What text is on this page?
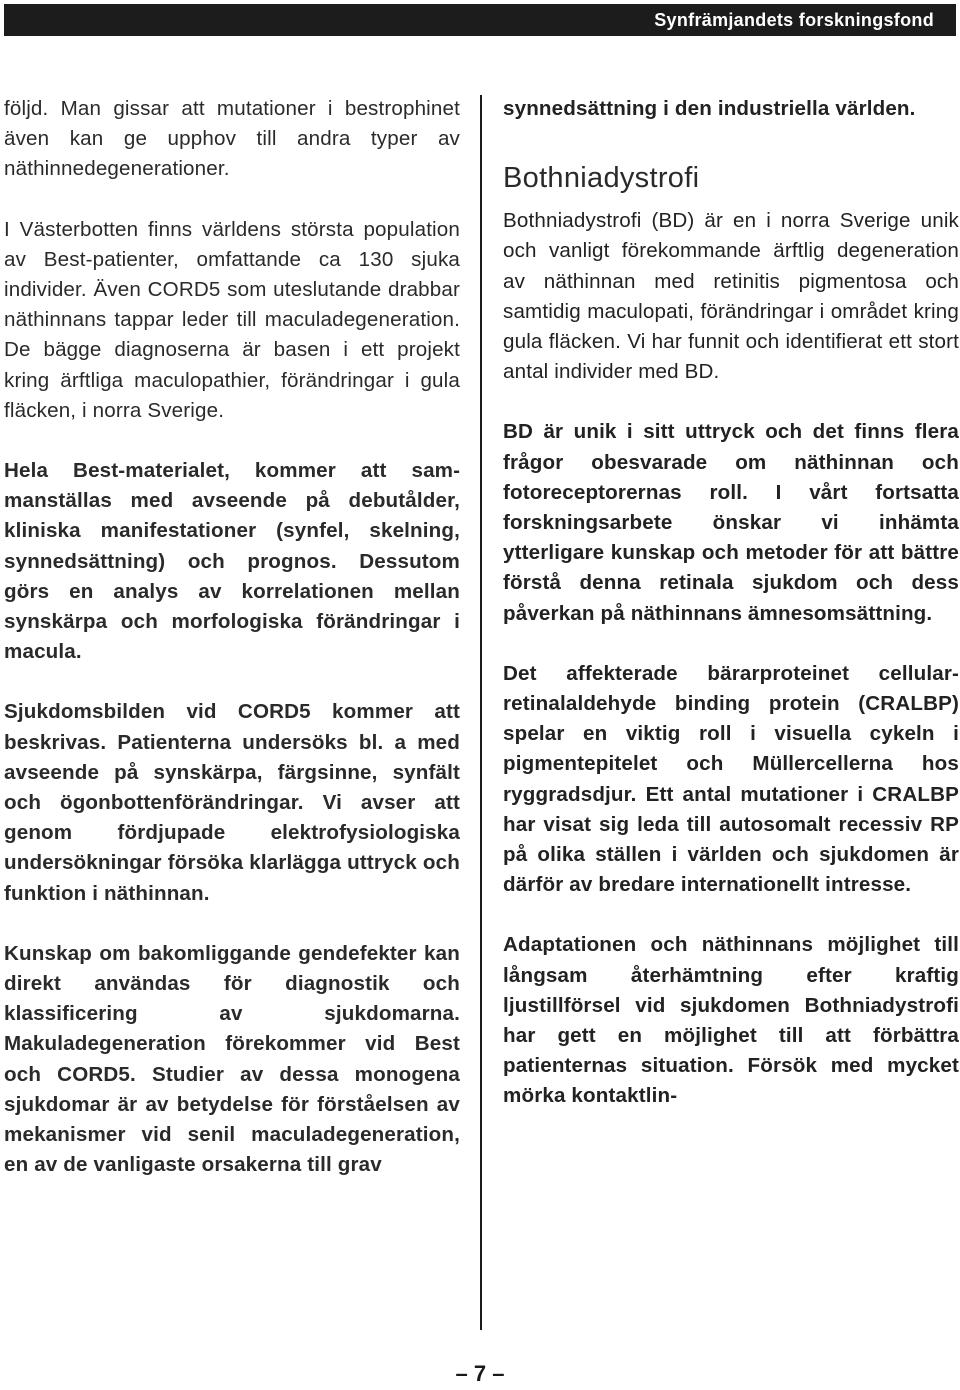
Synfrämjandets forskningsfond

följd. Man gissar att mutationer i bestrophinet även kan ge upphov till andra typer av näthinnedegenerationer.

I Västerbotten finns världens största population av Best-patienter, omfattande ca 130 sjuka individer. Även CORD5 som uteslutande drabbar näthinnans tappar leder till maculadegeneration. De bägge diagnoserna är basen i ett projekt kring ärftliga maculopathier, förändringar i gula fläcken, i norra Sverige.

Hela Best-materialet, kommer att sammanställas med avseende på debutålder, kliniska manifestationer (synfel, skelning, synnedsättning) och prognos. Dessutom görs en analys av korrelationen mellan synskärpa och morfologiska förändringar i macula.

Sjukdomsbilden vid CORD5 kommer att beskrivas. Patienterna undersöks bl. a med avseende på synskärpa, färgsinne, synfält och ögonbottenförändringar. Vi avser att genom fördjupade elektrofysiologiska undersökningar försöka klarlägga uttryck och funktion i näthinnan.

Kunskap om bakomliggande gendefekter kan direkt användas för diagnostik och klassificering av sjukdomarna. Makuladegeneration förekommer vid Best och CORD5. Studier av dessa monogena sjukdomar är av betydelse för förståelsen av mekanismer vid senil maculadegeneration, en av de vanligaste orsakerna till grav

synnedsättning i den industriella världen.

Bothniadystrofi

Bothniadystrofi (BD) är en i norra Sverige unik och vanligt förekommande ärftlig degeneration av näthinnan med retinitis pigmentosa och samtidig maculopati, förändringar i området kring gula fläcken. Vi har funnit och identifierat ett stort antal individer med BD.

BD är unik i sitt uttryck och det finns flera frågor obesvarade om näthinnan och fotoreceptorernas roll. I vårt fortsatta forskningsarbete önskar vi inhämta ytterligare kunskap och metoder för att bättre förstå denna retinala sjukdom och dess påverkan på näthinnans ämnesomsättning.

Det affekterade bärarproteinet cellular-retinalaldehyde binding protein (CRALBP) spelar en viktig roll i visuella cykeln i pigmentepitelet och Müllercellerna hos ryggradsdjur. Ett antal mutationer i CRALBP har visat sig leda till autosomalt recessiv RP på olika ställen i världen och sjukdomen är därför av bredare internationellt intresse.

Adaptationen och näthinnans möjlighet till långsam återhämtning efter kraftig ljustillförsel vid sjukdomen Bothniadystrofi har gett en möjlighet till att förbättra patienternas situation. Försök med mycket mörka kontaktlin-

– 7 –
